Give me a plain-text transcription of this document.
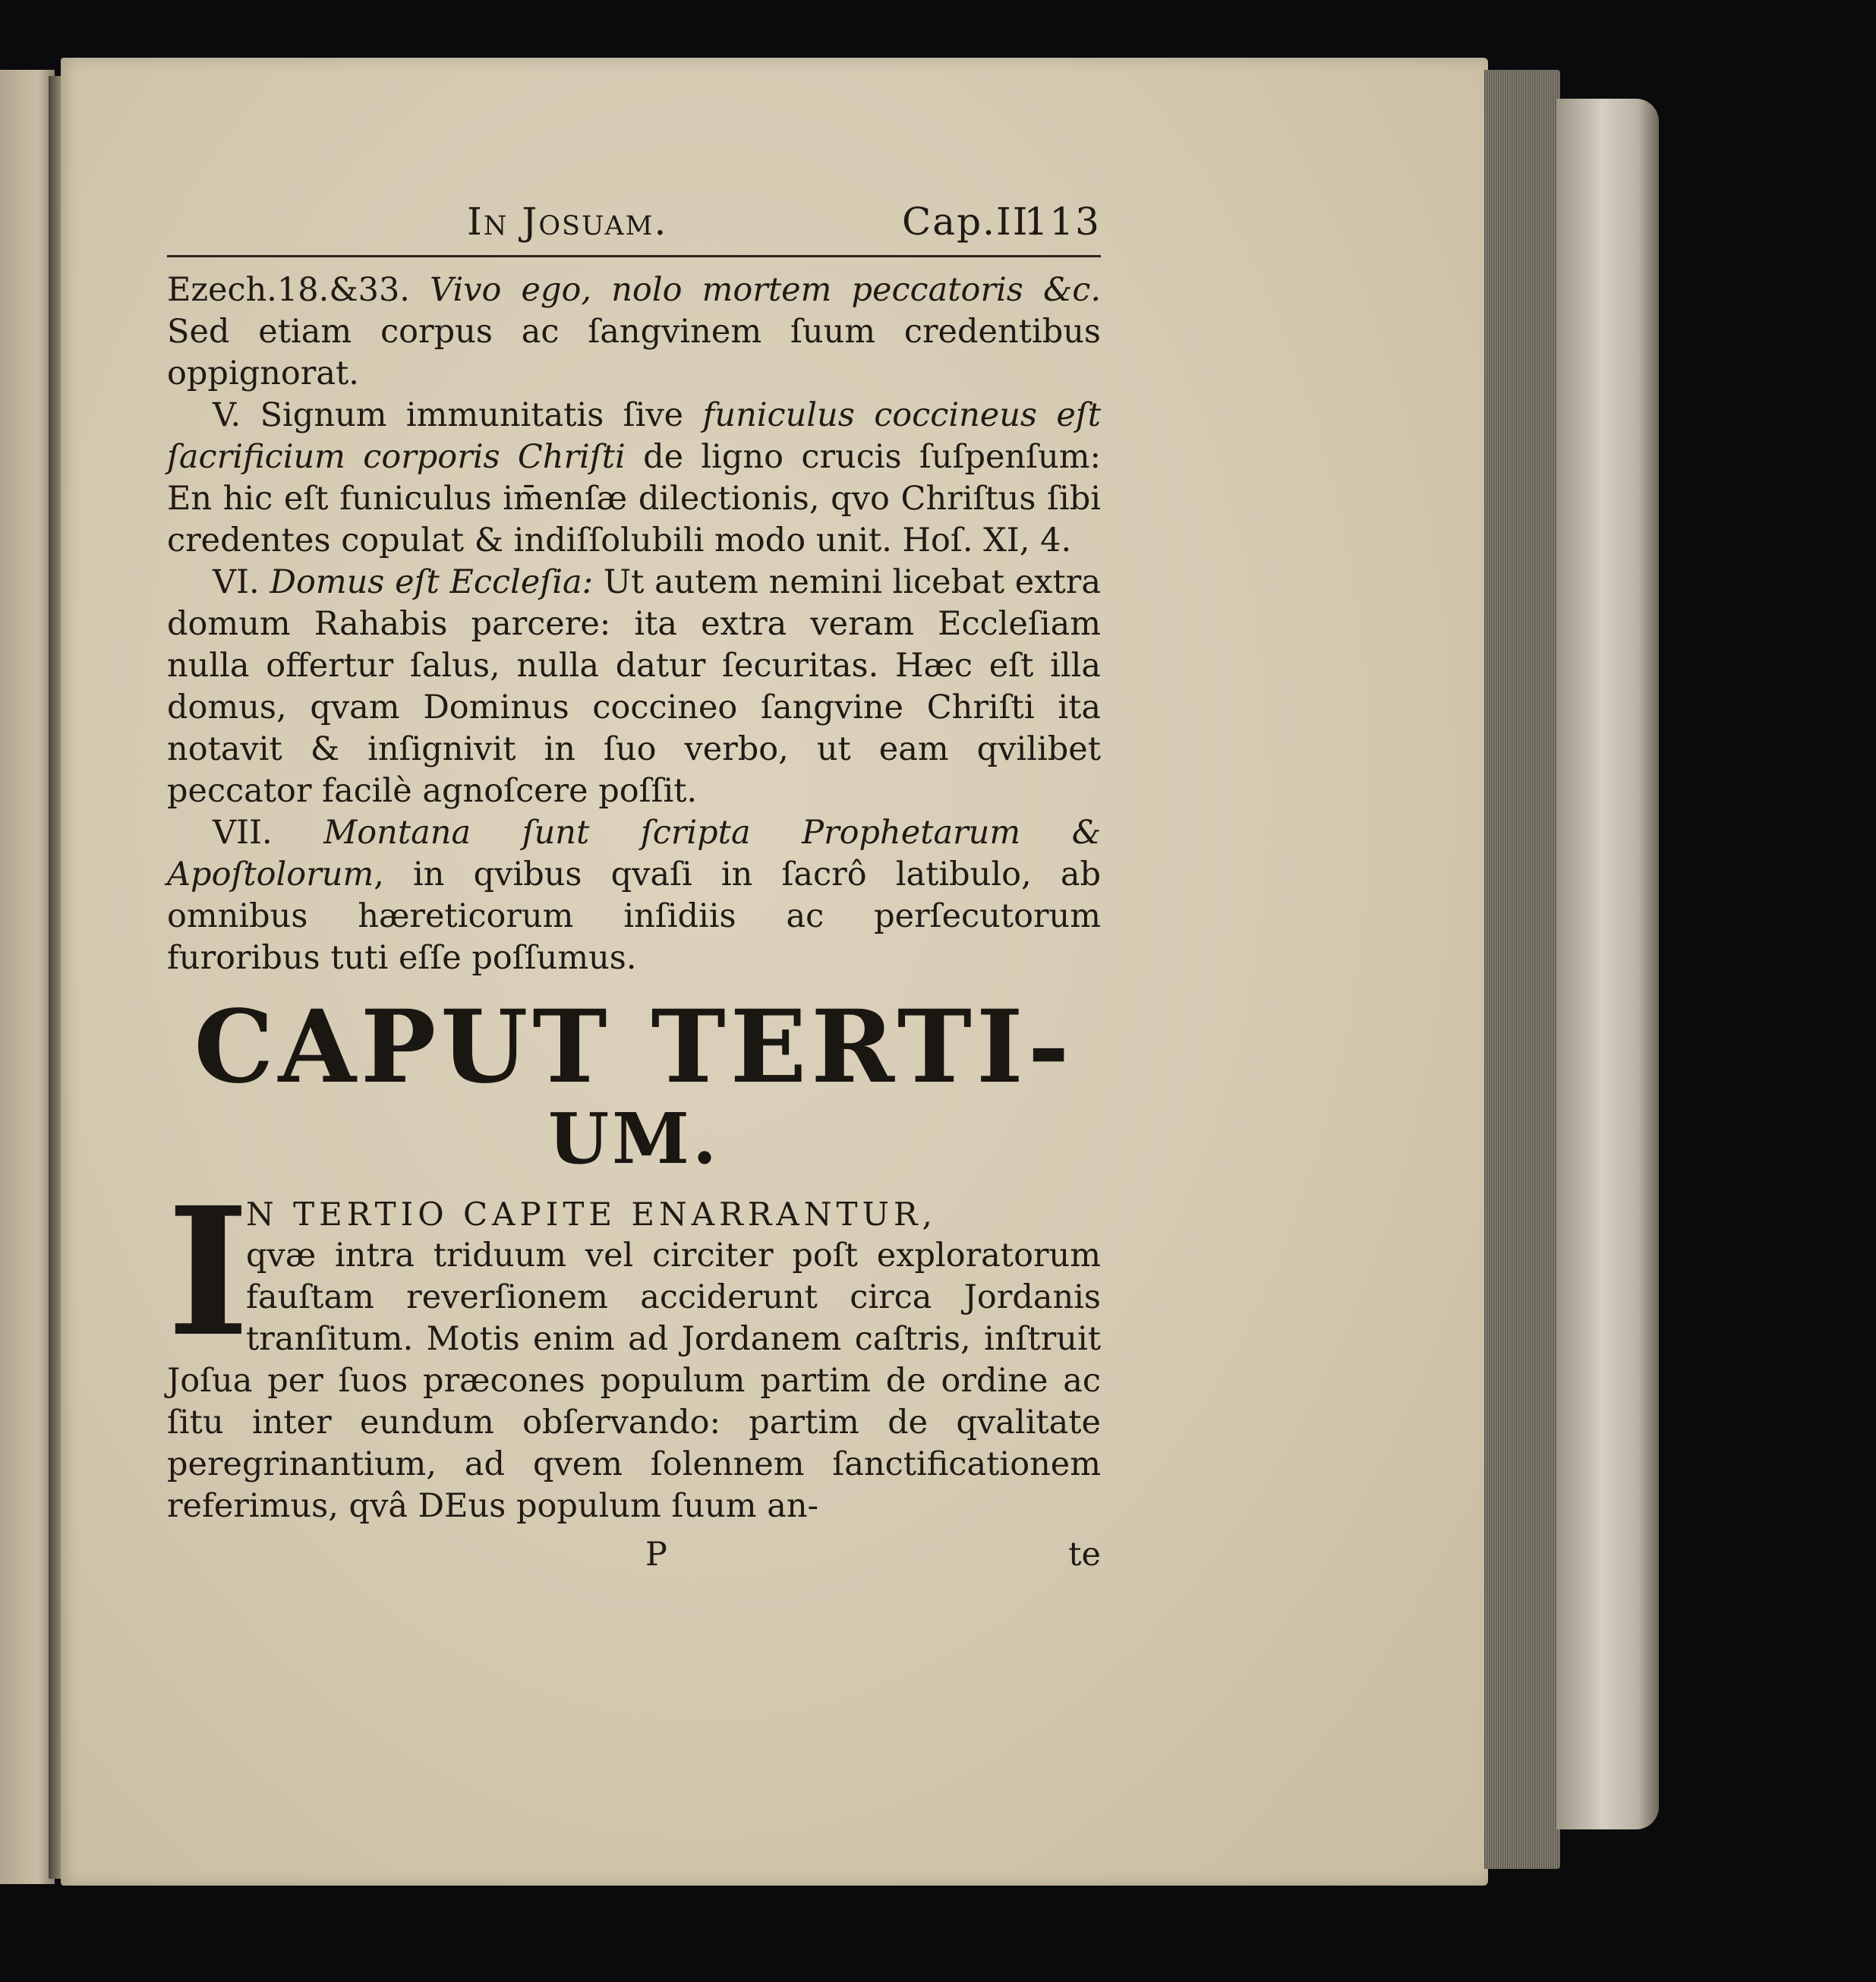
In Josuam.	Cap.II.
113

Ezech.18.&33. Vivo ego, nolo mortem peccatoris &c. Sed etiam corpus ac ſangvinem ſuum credentibus oppignorat.

V. Signum immunitatis ſive funiculus coccineus eſt ſacrificium corporis Chriſti de ligno crucis ſuſpenſum: En hic eſt funiculus im̄enſæ dilectionis, qvo Chriſtus ſibi credentes copulat & indiſſolubili modo unit. Hoſ. XI, 4.

VI. Domus eſt Eccleſia: Ut autem nemini licebat extra domum Rahabis parcere: ita extra veram Eccleſiam nulla offertur ſalus, nulla datur ſecuritas. Hæc eſt illa domus, qvam Dominus coccineo ſangvine Chriſti ita notavit & inſignivit in ſuo verbo, ut eam qvilibet peccator facilè agnoſcere poſſit.

VII. Montana ſunt ſcripta Prophetarum & Apoſtolorum, in qvibus qvaſi in ſacrô latibulo, ab omnibus hæreticorum inſidiis ac perſecutorum furoribus tuti eſſe poſſumus.

CAPUT TERTI-
UM.
I
N TERTIO CAPITE ENARRANTUR,
qvæ intra triduum vel circiter poſt exploratorum fauſtam reverſionem acciderunt circa Jordanis tranſitum. Motis enim ad Jordanem caſtris, inſtruit Joſua per ſuos præcones populum partim de ordine ac ſitu inter eundum obſervando: partim de qvalitate peregrinantium, ad qvem ſolennem ſanctificationem referimus, qvâ DEus populum ſuum an-
P	te
